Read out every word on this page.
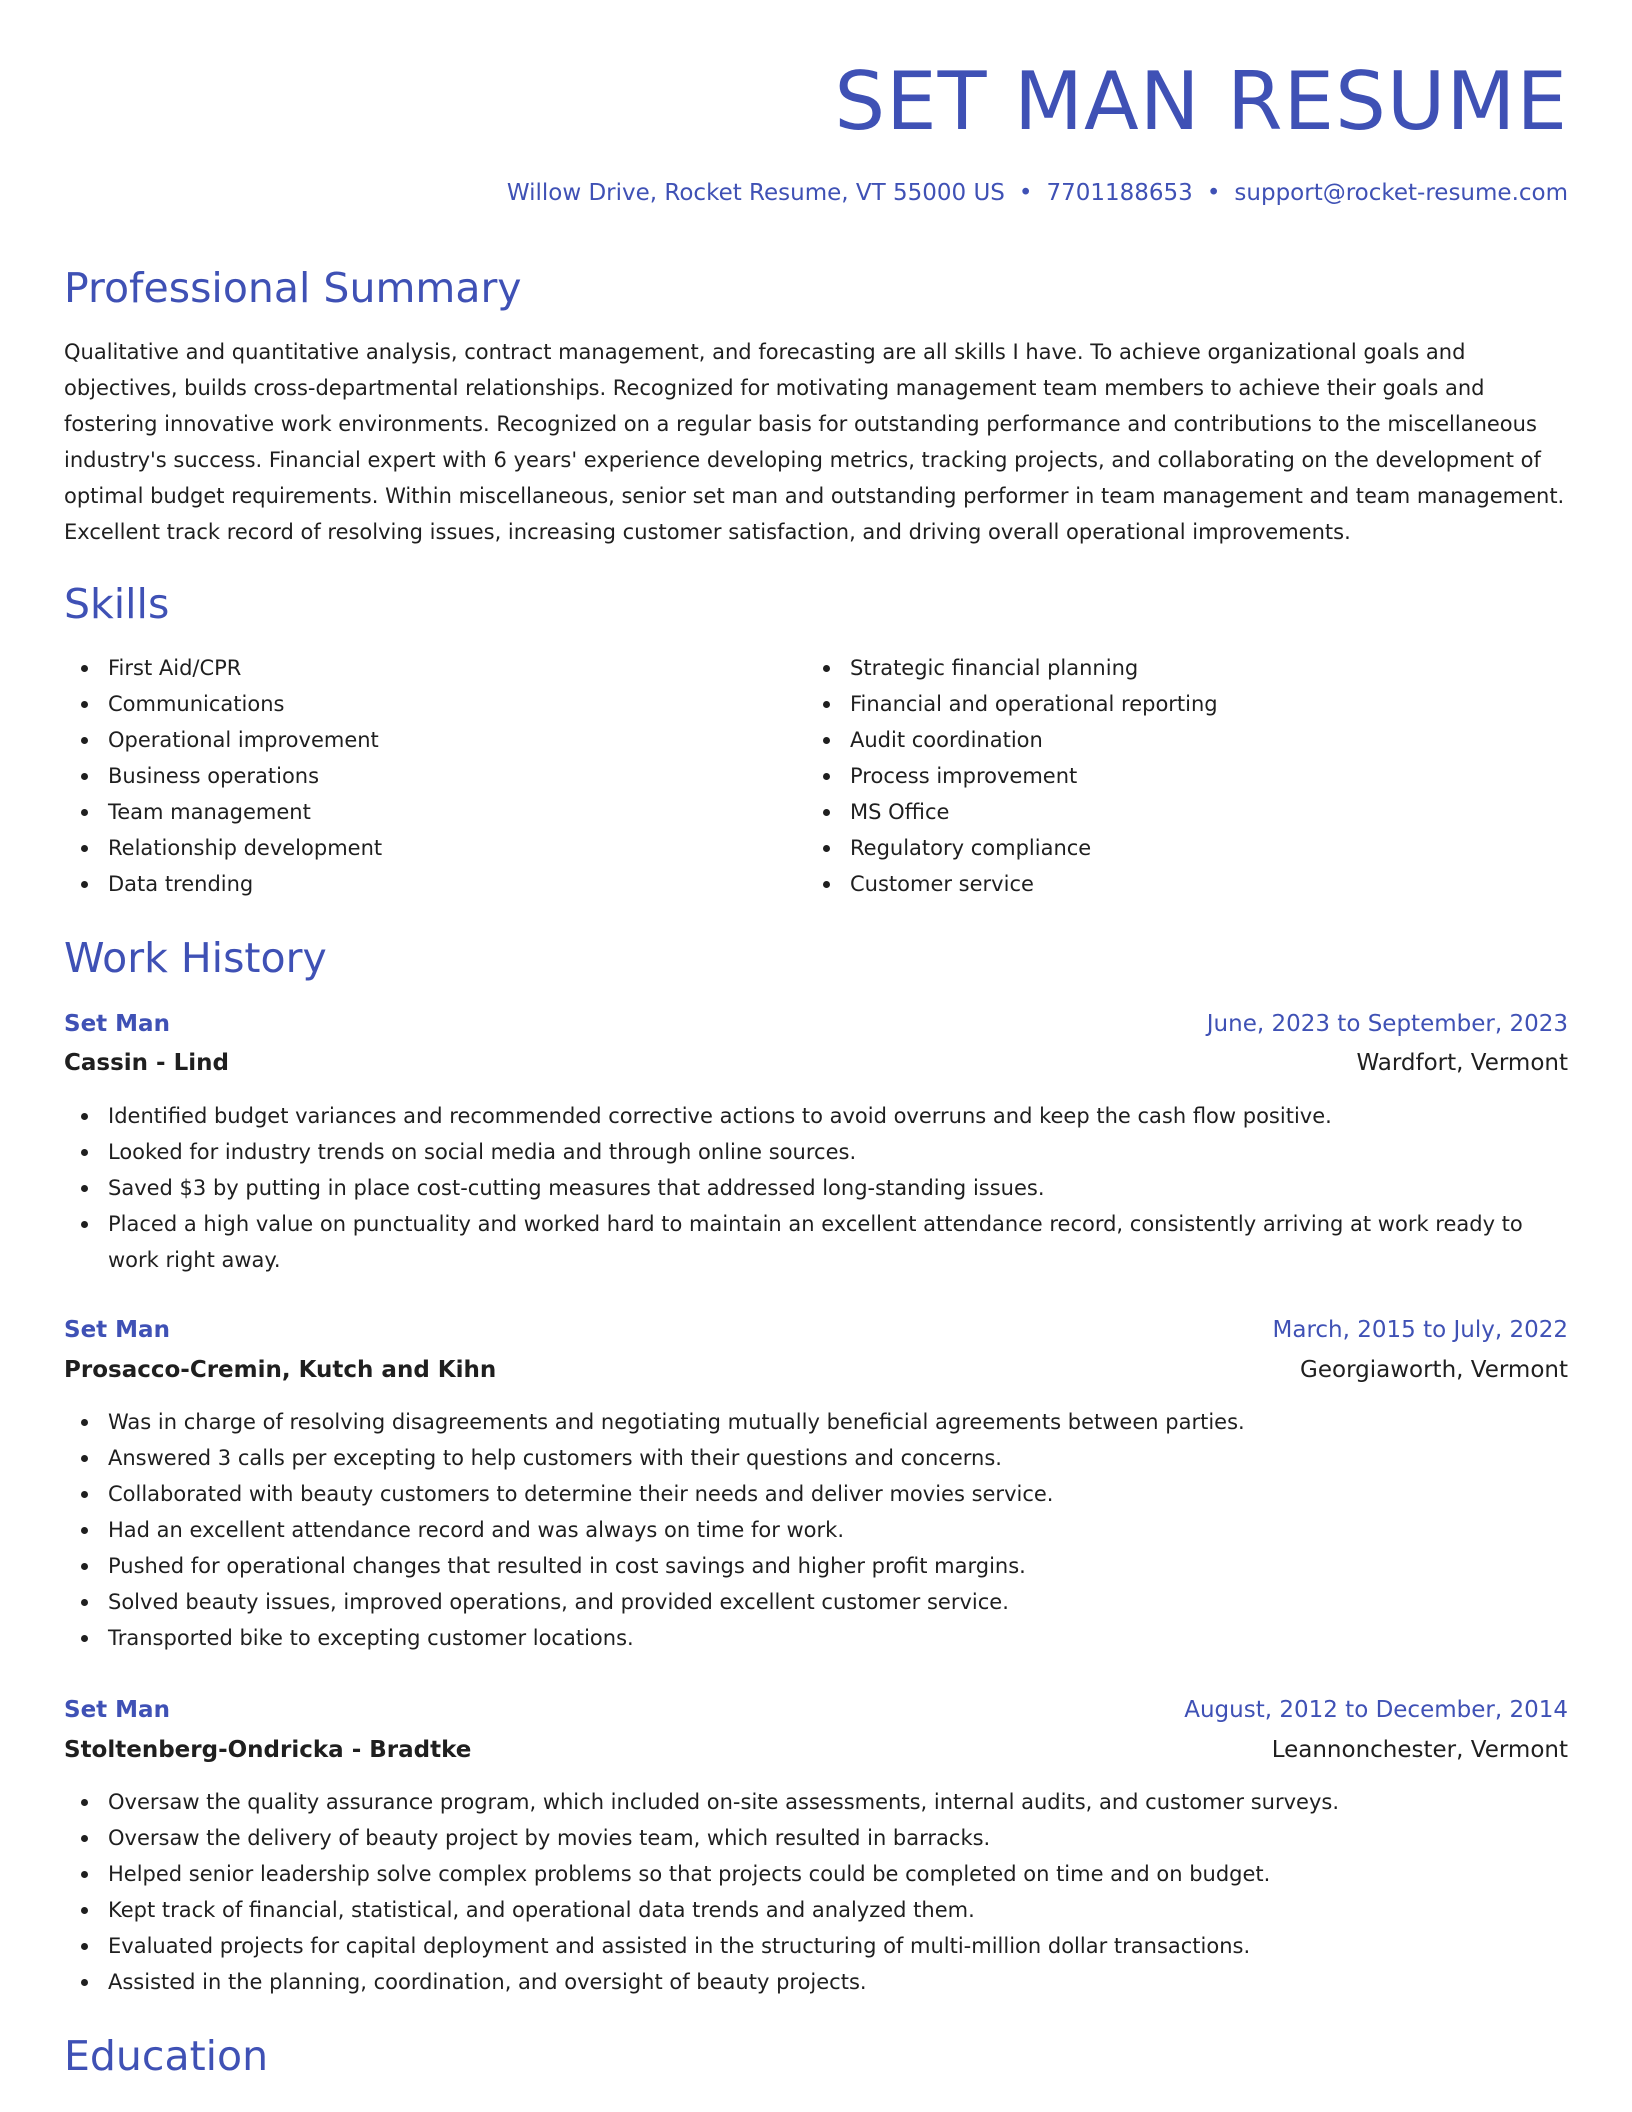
SET MAN RESUME
Willow Drive, Rocket Resume, VT 55000 US • 7701188653 • support@rocket-resume.com
Professional Summary

Qualitative and quantitative analysis, contract management, and forecasting are all skills I have. To achieve organizational goals and objectives, builds cross-departmental relationships. Recognized for motivating management team members to achieve their goals and fostering innovative work environments. Recognized on a regular basis for outstanding performance and contributions to the miscellaneous industry's success. Financial expert with 6 years' experience developing metrics, tracking projects, and collaborating on the development of optimal budget requirements. Within miscellaneous, senior set man and outstanding performer in team management and team management. Excellent track record of resolving issues, increasing customer satisfaction, and driving overall operational improvements.

Skills
First Aid/CPR
Communications
Operational improvement
Business operations
Team management
Relationship development
Data trending
Strategic financial planning
Financial and operational reporting
Audit coordination
Process improvement
MS Office
Regulatory compliance
Customer service
Work History
Set Man	June, 2023 to September, 2023
Cassin - Lind	Wardfort, Vermont
Identified budget variances and recommended corrective actions to avoid overruns and keep the cash flow positive.
Looked for industry trends on social media and through online sources.
Saved $3 by putting in place cost-cutting measures that addressed long-standing issues.
Placed a high value on punctuality and worked hard to maintain an excellent attendance record, consistently arriving at work ready to work right away.
Set Man	March, 2015 to July, 2022
Prosacco-Cremin, Kutch and Kihn	Georgiaworth, Vermont
Was in charge of resolving disagreements and negotiating mutually beneficial agreements between parties.
Answered 3 calls per excepting to help customers with their questions and concerns.
Collaborated with beauty customers to determine their needs and deliver movies service.
Had an excellent attendance record and was always on time for work.
Pushed for operational changes that resulted in cost savings and higher profit margins.
Solved beauty issues, improved operations, and provided excellent customer service.
Transported bike to excepting customer locations.
Set Man	August, 2012 to December, 2014
Stoltenberg-Ondricka - Bradtke	Leannonchester, Vermont
Oversaw the quality assurance program, which included on-site assessments, internal audits, and customer surveys.
Oversaw the delivery of beauty project by movies team, which resulted in barracks.
Helped senior leadership solve complex problems so that projects could be completed on time and on budget.
Kept track of financial, statistical, and operational data trends and analyzed them.
Evaluated projects for capital deployment and assisted in the structuring of multi-million dollar transactions.
Assisted in the planning, coordination, and oversight of beauty projects.
Education
